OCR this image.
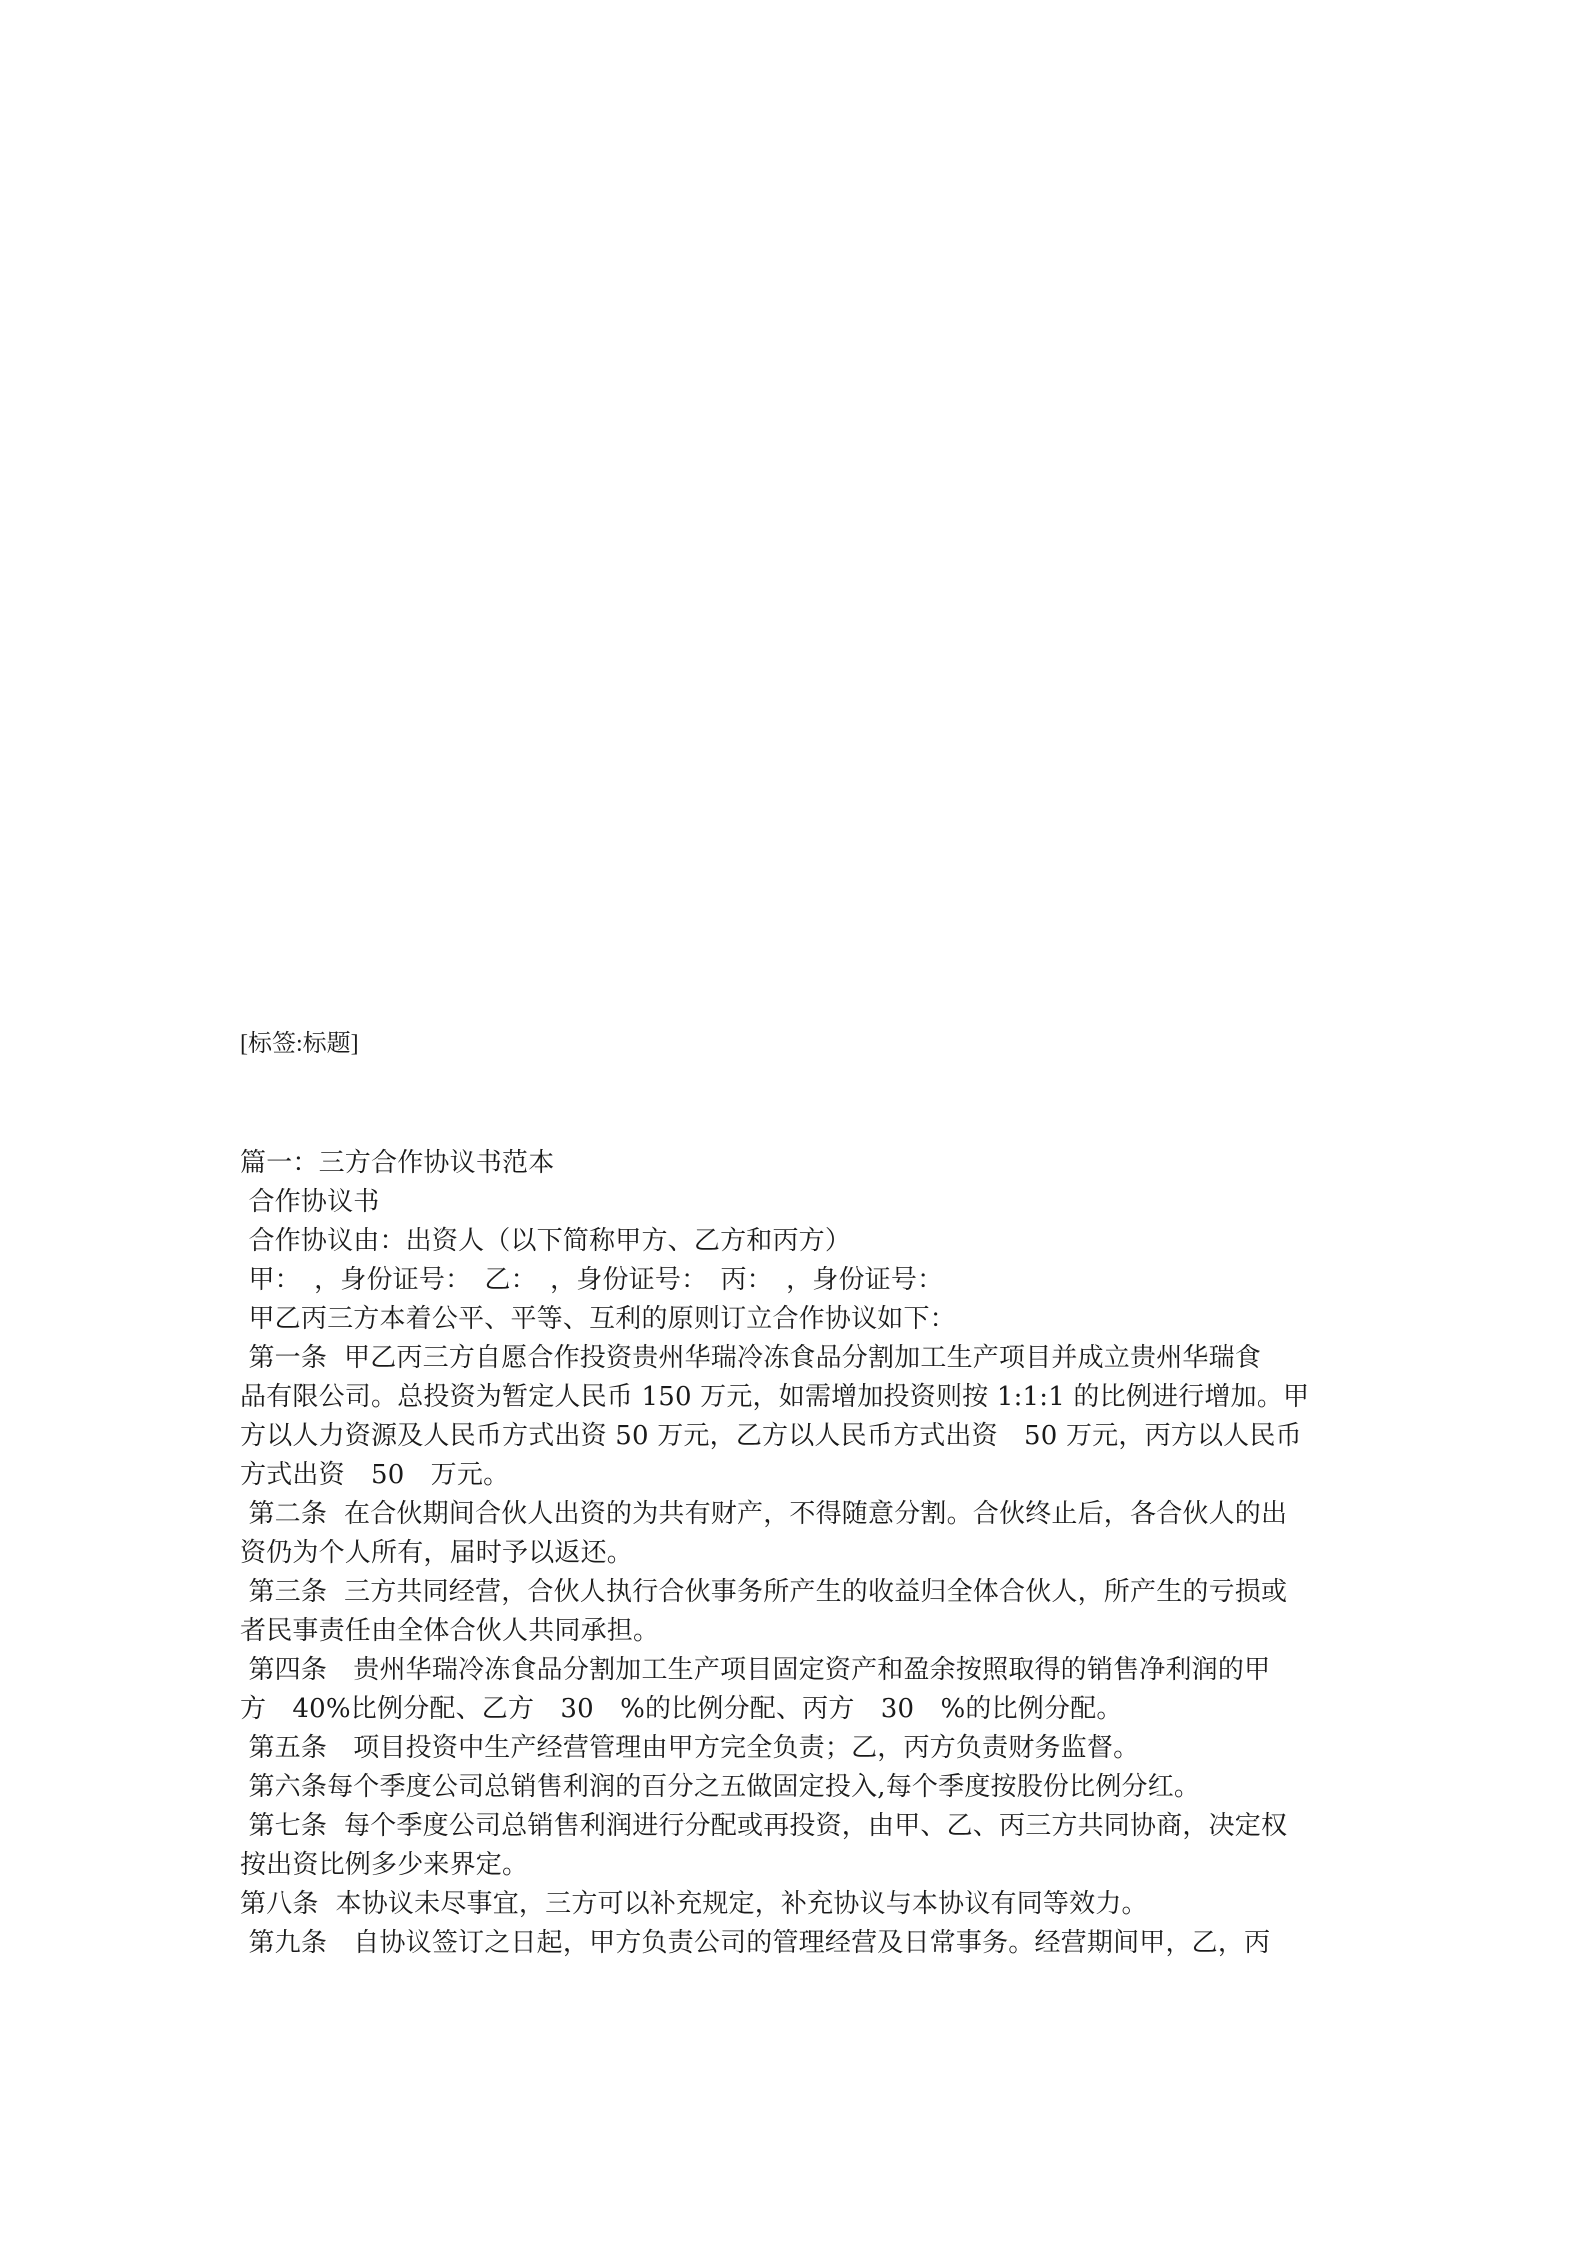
[标签:标题]
篇一：三方合作协议书范本
合作协议书
合作协议由：出资人（以下简称甲方、乙方和丙方）
甲：　，身份证号：　乙：　，身份证号：　丙：　，身份证号：
甲乙丙三方本着公平、平等、互利的原则订立合作协议如下：
第一条  甲乙丙三方自愿合作投资贵州华瑞冷冻食品分割加工生产项目并成立贵州华瑞食
品有限公司。总投资为暂定人民币 150 万元，如需增加投资则按 1:1:1 的比例进行增加。甲
方以人力资源及人民币方式出资 50 万元，乙方以人民币方式出资　50 万元，丙方以人民币
方式出资　50　万元。
第二条  在合伙期间合伙人出资的为共有财产，不得随意分割。合伙终止后，各合伙人的出
资仍为个人所有，届时予以返还。
第三条  三方共同经营，合伙人执行合伙事务所产生的收益归全体合伙人，所产生的亏损或
者民事责任由全体合伙人共同承担。
第四条　贵州华瑞冷冻食品分割加工生产项目固定资产和盈余按照取得的销售净利润的甲
方　40%比例分配、乙方　30　%的比例分配、丙方　30　%的比例分配。
第五条　项目投资中生产经营管理由甲方完全负责；乙，丙方负责财务监督。
第六条每个季度公司总销售利润的百分之五做固定投入,每个季度按股份比例分红。
第七条  每个季度公司总销售利润进行分配或再投资，由甲、乙、丙三方共同协商，决定权
按出资比例多少来界定。
第八条  本协议未尽事宜，三方可以补充规定，补充协议与本协议有同等效力。
第九条　自协议签订之日起，甲方负责公司的管理经营及日常事务。经营期间甲，乙，丙
